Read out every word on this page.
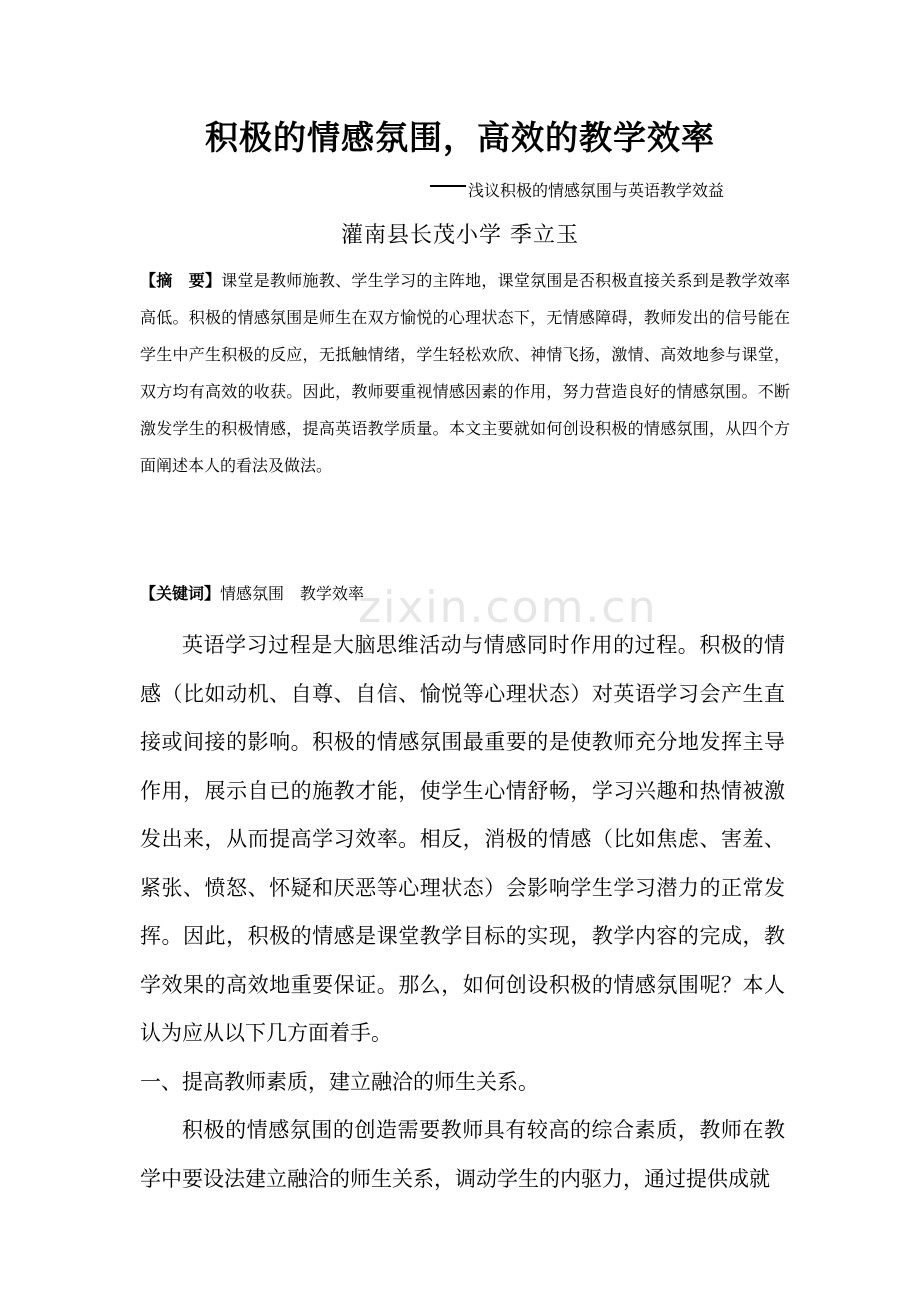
积极的情感氛围，高效的教学效率
浅议积极的情感氛围与英语教学效益
灌南县长茂小学 季立玉

【摘　要】课堂是教师施教、学生学习的主阵地，课堂氛围是否积极直接关系到是教学效率高低。积极的情感氛围是师生在双方愉悦的心理状态下，无情感障碍，教师发出的信号能在学生中产生积极的反应，无抵触情绪，学生轻松欢欣、神情飞扬，激情、高效地参与课堂，双方均有高效的收获。因此，教师要重视情感因素的作用，努力营造良好的情感氛围。不断激发学生的积极情感，提高英语教学质量。本文主要就如何创设积极的情感氛围，从四个方面阐述本人的看法及做法。

【关键词】情感氛围　教学效率

zixin.com.cn

英语学习过程是大脑思维活动与情感同时作用的过程。积极的情感（比如动机、自尊、自信、愉悦等心理状态）对英语学习会产生直接或间接的影响。积极的情感氛围最重要的是使教师充分地发挥主导作用，展示自已的施教才能，使学生心情舒畅，学习兴趣和热情被激发出来，从而提高学习效率。相反，消极的情感（比如焦虑、害羞、紧张、愤怒、怀疑和厌恶等心理状态）会影响学生学习潜力的正常发挥。因此，积极的情感是课堂教学目标的实现，教学内容的完成，教学效果的高效地重要保证。那么，如何创设积极的情感氛围呢？本人认为应从以下几方面着手。

一、提高教师素质，建立融洽的师生关系。

积极的情感氛围的创造需要教师具有较高的综合素质，教师在教学中要设法建立融洽的师生关系，调动学生的内驱力，通过提供成就
